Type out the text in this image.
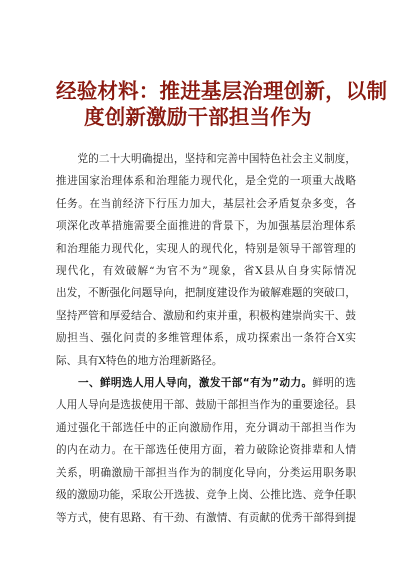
经验材料：推进基层治理创新，以制
度创新激励干部担当作为
　　党的二十大明确提出，坚持和完善中国特色社会主义制度，
推进国家治理体系和治理能力现代化，是全党的一项重大战略
任务。在当前经济下行压力加大，基层社会矛盾复杂多变，各
项深化改革措施需要全面推进的背景下，为加强基层治理体系
和治理能力现代化，实现人的现代化，特别是领导干部管理的
现代化，有效破解“为官不为”现象，省X县从自身实际情况
出发，不断强化问题导向，把制度建设作为破解难题的突破口，
坚持严管和厚爱结合、激励和约束并重，积极构建崇尚实干、鼓
励担当、强化问责的多维管理体系，成功探索出一条符合X实
际、具有X特色的地方治理新路径。
　　一、鲜明选人用人导向，激发干部“有为”动力。鲜明的选
人用人导向是选拔使用干部、鼓励干部担当作为的重要途径。县
通过强化干部选任中的正向激励作用，充分调动干部担当作为
的内在动力。在干部选任使用方面，着力破除论资排辈和人情
关系，明确激励干部担当作为的制度化导向，分类运用职务职
级的激励功能，采取公开选拔、竞争上岗、公推比选、竞争任职
等方式，使有思路、有干劲、有激情、有贡献的优秀干部得到提
